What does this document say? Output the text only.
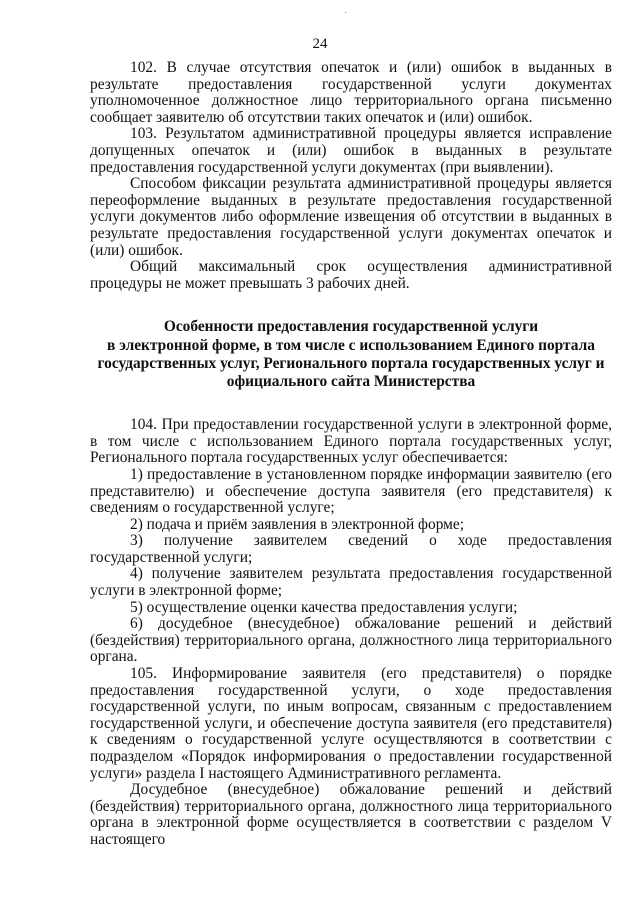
·
24

102. В случае отсутствия опечаток и (или) ошибок в выданных в результате предоставления государственной услуги документах уполномоченное должностное лицо территориального органа письменно сообщает заявителю об отсутствии таких опечаток и (или) ошибок.

103. Результатом административной процедуры является исправление допущенных опечаток и (или) ошибок в выданных в результате предоставления государственной услуги документах (при выявлении).

Способом фиксации результата административной процедуры является переоформление выданных в результате предоставления государственной услуги документов либо оформление извещения об отсутствии в выданных в результате предоставления государственной услуги документах опечаток и (или) ошибок.

Общий максимальный срок осуществления административной процедуры не может превышать 3 рабочих дней.

Особенности предоставления государственной услуги
в электронной форме, в том числе с использованием Единого портала
государственных услуг, Регионального портала государственных услуг и
официального сайта Министерства

104. При предоставлении государственной услуги в электронной форме, в том числе с использованием Единого портала государственных услуг, Регионального портала государственных услуг обеспечивается:

1) предоставление в установленном порядке информации заявителю (его представителю) и обеспечение доступа заявителя (его представителя) к сведениям о государственной услуге;

2) подача и приём заявления в электронной форме;

3) получение заявителем сведений о ходе предоставления государственной услуги;

4) получение заявителем результата предоставления государственной услуги в электронной форме;

5) осуществление оценки качества предоставления услуги;

6) досудебное (внесудебное) обжалование решений и действий (бездействия) территориального органа, должностного лица территориального органа.

105. Информирование заявителя (его представителя) о порядке предоставления государственной услуги, о ходе предоставления государственной услуги, по иным вопросам, связанным с предоставлением государственной услуги, и обеспечение доступа заявителя (его представителя) к сведениям о государственной услуге осуществляются в соответствии с подразделом «Порядок информирования о предоставлении государственной услуги» раздела I настоящего Административного регламента.

Досудебное (внесудебное) обжалование решений и действий (бездействия) территориального органа, должностного лица территориального органа в электронной форме осуществляется в соответствии с разделом V настоящего
